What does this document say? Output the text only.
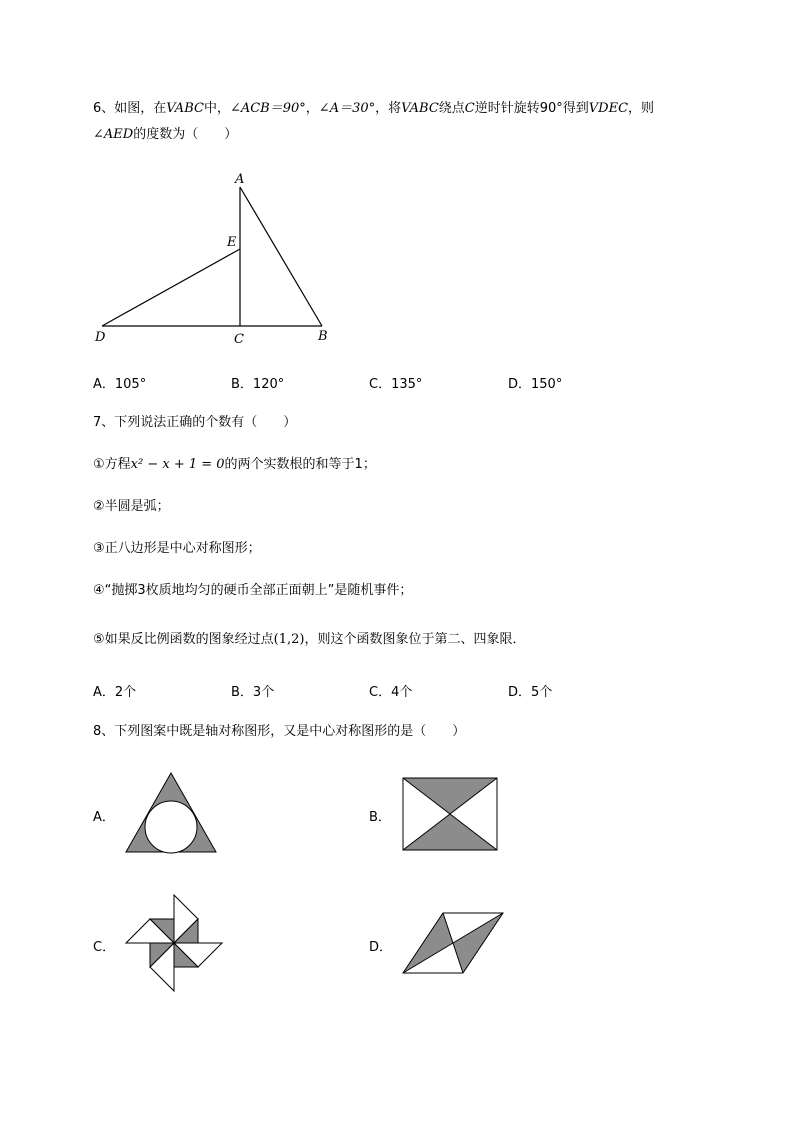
6、如图，在VABC中，∠ACB＝90°，∠A＝30°，将VABC绕点C逆时针旋转90°得到VDEC，则
∠AED的度数为（　　）
A
E
D	C	B
A．105°	B．120°	C．135°	D．150°
7、下列说法正确的个数有（　　）
①方程x² − x + 1 = 0的两个实数根的和等于1；
②半圆是弧；
③正八边形是中心对称图形；
④“抛掷3枚质地均匀的硬币全部正面朝上”是随机事件；
⑤如果反比例函数的图象经过点(1,2)，则这个函数图象位于第二、四象限．
A．2个	B．3个	C．4个	D．5个
8、下列图案中既是轴对称图形，又是中心对称图形的是（　　）
A．	B．
C．	D．
